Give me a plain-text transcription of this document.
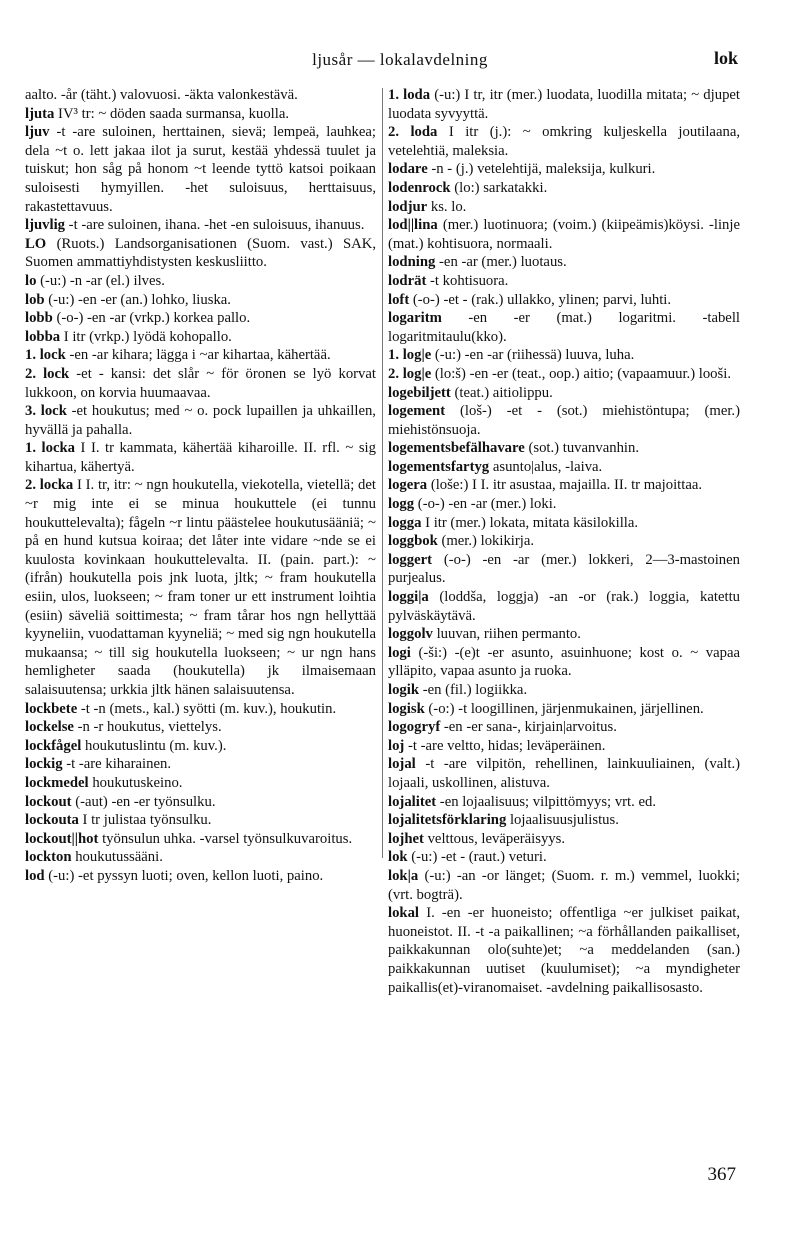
ljusår — lokalavdelning	lok

aalto. -år (täht.) valovuosi. -äkta valonkestävä.

ljuta IV³ tr: ~ döden saada surmansa, kuolla.

ljuv -t -are suloinen, herttainen, sievä; lempeä, lauhkea; dela ~t o. lett jakaa ilot ja surut, kestää yhdessä tuulet ja tuiskut; hon såg på honom ~t leende tyttö katsoi poikaan suloisesti hymyillen. -het suloisuus, herttaisuus, rakastettavuus.

ljuvlig -t -are suloinen, ihana. -het -en suloisuus, ihanuus.

LO (Ruots.) Landsorganisationen (Suom. vast.) SAK, Suomen ammattiyhdistysten keskusliitto.

lo (-u:) -n -ar (el.) ilves.

lob (-u:) -en -er (an.) lohko, liuska.

lobb (-o-) -en -ar (vrkp.) korkea pallo.

lobba I itr (vrkp.) lyödä kohopallo.

1. lock -en -ar kihara; lägga i ~ar kihartaa, kähertää.

2. lock -et - kansi: det slår ~ för öronen se lyö korvat lukkoon, on korvia huumaavaa.

3. lock -et houkutus; med ~ o. pock lupaillen ja uhkaillen, hyvällä ja pahalla.

1. locka I I. tr kammata, kähertää kiharoille. II. rfl. ~ sig kihartua, kähertyä.

2. locka I I. tr, itr: ~ ngn houkutella, viekotella, vietellä; det ~r mig inte ei se minua houkuttele (ei tunnu houkuttelevalta); fågeln ~r lintu päästelee houkutusääniä; ~ på en hund kutsua koiraa; det låter inte vidare ~nde se ei kuulosta kovinkaan houkuttelevalta. II. (pain. part.): ~ (ifrån) houkutella pois jnk luota, jltk; ~ fram houkutella esiin, ulos, luokseen; ~ fram toner ur ett instrument loihtia (esiin) säveliä soittimesta; ~ fram tårar hos ngn hellyttää kyyneliin, vuodattaman kyyneliä; ~ med sig ngn houkutella mukaansa; ~ till sig houkutella luokseen; ~ ur ngn hans hemligheter saada (houkutella) jk ilmaisemaan salaisuutensa; urkkia jltk hänen salaisuutensa.

lockbete -t -n (mets., kal.) syötti (m. kuv.), houkutin.

lockelse -n -r houkutus, viettelys.

lockfågel houkutuslintu (m. kuv.).

lockig -t -are kiharainen.

lockmedel houkutuskeino.

lockout (-aut) -en -er työnsulku.

lockouta I tr julistaa työnsulku.

lockout||hot työnsulun uhka. -varsel työnsulkuvaroitus.

lockton houkutussääni.

lod (-u:) -et pyssyn luoti; oven, kellon luoti, paino.

1. loda (-u:) I tr, itr (mer.) luodata, luodilla mitata; ~ djupet luodata syvyyttä.

2. loda I itr (j.): ~ omkring kuljeskella joutilaana, vetelehtiä, maleksia.

lodare -n - (j.) vetelehtijä, maleksija, kulkuri.

lodenrock (lo:) sarkatakki.

lodjur ks. lo.

lod||lina (mer.) luotinuora; (voim.) (kiipeämis)köysi. -linje (mat.) kohtisuora, normaali.

lodning -en -ar (mer.) luotaus.

lodrät -t kohtisuora.

loft (-o-) -et - (rak.) ullakko, ylinen; parvi, luhti.

logaritm -en -er (mat.) logaritmi. -tabell logaritmitaulu(kko).

1. log|e (-u:) -en -ar (riihessä) luuva, luha.

2. log|e (lo:š) -en -er (teat., oop.) aitio; (vapaamuur.) looši.

logebiljett (teat.) aitiolippu.

logement (loš-) -et - (sot.) miehistöntupa; (mer.) miehistönsuoja.

logementsbefälhavare (sot.) tuvanvanhin.

logementsfartyg asunto|alus, -laiva.

logera (loše:) I I. itr asustaa, majailla. II. tr majoittaa.

logg (-o-) -en -ar (mer.) loki.

logga I itr (mer.) lokata, mitata käsilokilla.

loggbok (mer.) lokikirja.

loggert (-o-) -en -ar (mer.) lokkeri, 2—3-mastoinen purjealus.

loggi|a (loddša, loggja) -an -or (rak.) loggia, katettu pylväskäytävä.

loggolv luuvan, riihen permanto.

logi (-ši:) -(e)t -er asunto, asuinhuone; kost o. ~ vapaa ylläpito, vapaa asunto ja ruoka.

logik -en (fil.) logiikka.

logisk (-o:) -t loogillinen, järjenmukainen, järjellinen.

logogryf -en -er sana-, kirjain|arvoitus.

loj -t -are veltto, hidas; leväperäinen.

lojal -t -are vilpitön, rehellinen, lainkuuliainen, (valt.) lojaali, uskollinen, alistuva.

lojalitet -en lojaalisuus; vilpittömyys; vrt. ed.

lojalitetsförklaring lojaalisuusjulistus.

lojhet velttous, leväperäisyys.

lok (-u:) -et - (raut.) veturi.

lok|a (-u:) -an -or länget; (Suom. r. m.) vemmel, luokki; (vrt. bogträ).

lokal I. -en -er huoneisto; offentliga ~er julkiset paikat, huoneistot. II. -t -a paikallinen; ~a förhållanden paikalliset, paikkakunnan olo(suhte)et; ~a meddelanden (san.) paikkakunnan uutiset (kuulumiset); ~a myndigheter paikallis(et)-viranomaiset. -avdelning paikallisosasto.

367
